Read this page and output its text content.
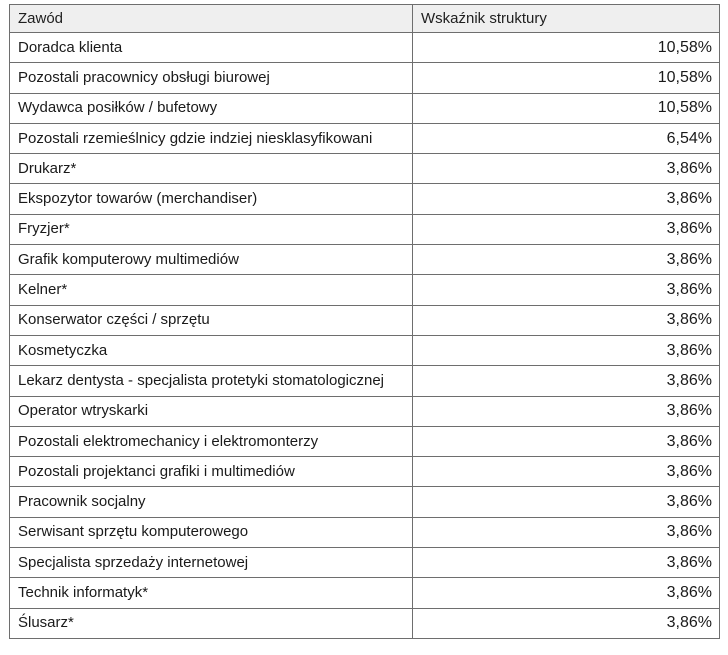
Zawód	Wskaźnik struktury
Doradca klienta	10,58%
Pozostali pracownicy obsługi biurowej	10,58%
Wydawca posiłków / bufetowy	10,58%
Pozostali rzemieślnicy gdzie indziej niesklasyfikowani	6,54%
Drukarz*	3,86%
Ekspozytor towarów (merchandiser)	3,86%
Fryzjer*	3,86%
Grafik komputerowy multimediów	3,86%
Kelner*	3,86%
Konserwator części / sprzętu	3,86%
Kosmetyczka	3,86%
Lekarz dentysta - specjalista protetyki stomatologicznej	3,86%
Operator wtryskarki	3,86%
Pozostali elektromechanicy i elektromonterzy	3,86%
Pozostali projektanci grafiki i multimediów	3,86%
Pracownik socjalny	3,86%
Serwisant sprzętu komputerowego	3,86%
Specjalista sprzedaży internetowej	3,86%
Technik informatyk*	3,86%
Ślusarz*	3,86%
